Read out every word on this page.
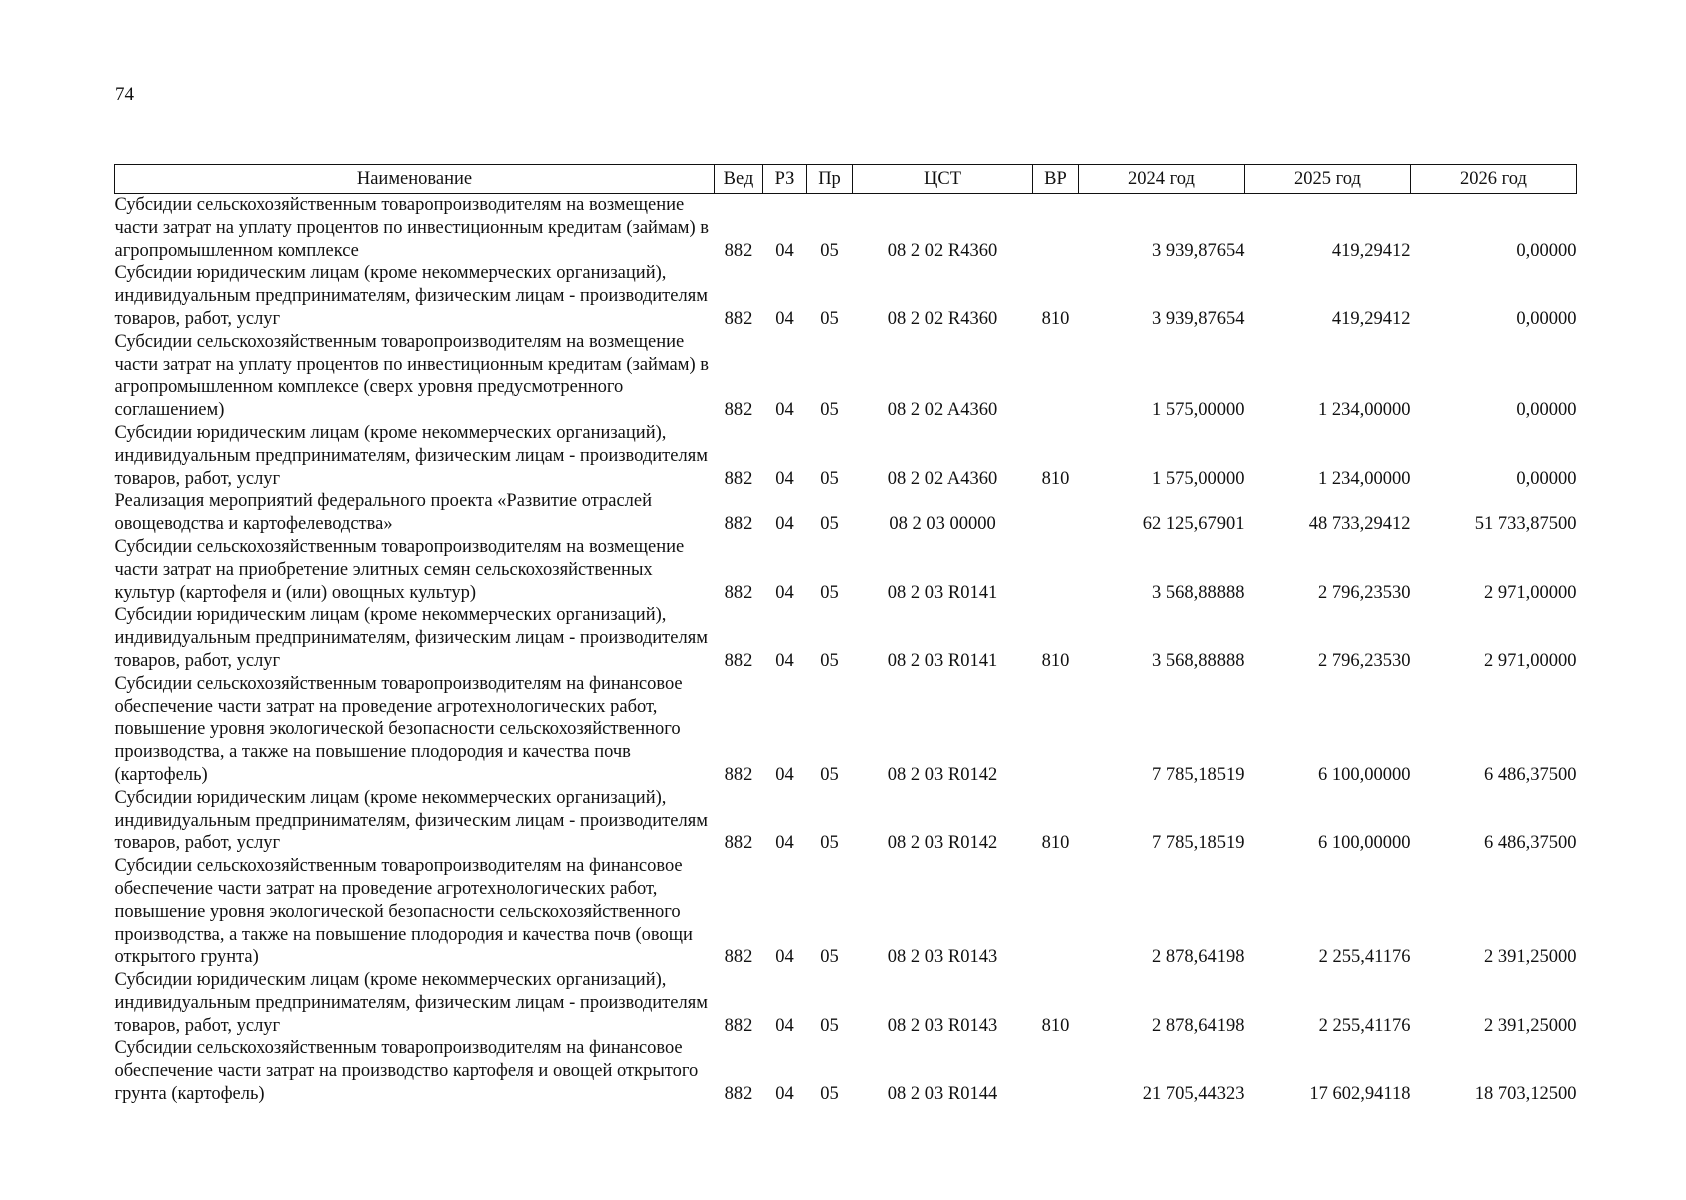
74
Наименование	Вед	РЗ	Пр	ЦСТ	ВР	2024 год	2025 год	2026 год
Субсидии сельскохозяйственным товаропроизводителям на возмещение части затрат на уплату процентов по инвестиционным кредитам (займам) в агропромышленном комплексе	882	04	05	08 2 02 R4360		3 939,87654	419,29412	0,00000
Субсидии юридическим лицам (кроме некоммерческих организаций), индивидуальным предпринимателям, физическим лицам - производителям товаров, работ, услуг	882	04	05	08 2 02 R4360	810	3 939,87654	419,29412	0,00000
Субсидии сельскохозяйственным товаропроизводителям на возмещение части затрат на уплату процентов по инвестиционным кредитам (займам) в агропромышленном комплексе (сверх уровня предусмотренного соглашением)	882	04	05	08 2 02 A4360		1 575,00000	1 234,00000	0,00000
Субсидии юридическим лицам (кроме некоммерческих организаций), индивидуальным предпринимателям, физическим лицам - производителям товаров, работ, услуг	882	04	05	08 2 02 A4360	810	1 575,00000	1 234,00000	0,00000
Реализация мероприятий федерального проекта «Развитие отраслей овощеводства и картофелеводства»	882	04	05	08 2 03 00000		62 125,67901	48 733,29412	51 733,87500
Субсидии сельскохозяйственным товаропроизводителям на возмещение части затрат на приобретение элитных семян сельскохозяйственных культур (картофеля и (или) овощных культур)	882	04	05	08 2 03 R0141		3 568,88888	2 796,23530	2 971,00000
Субсидии юридическим лицам (кроме некоммерческих организаций), индивидуальным предпринимателям, физическим лицам - производителям товаров, работ, услуг	882	04	05	08 2 03 R0141	810	3 568,88888	2 796,23530	2 971,00000
Субсидии сельскохозяйственным товаропроизводителям на финансовое обеспечение части затрат на проведение агротехнологических работ, повышение уровня экологической безопасности сельскохозяйственного производства, а также на повышение плодородия и качества почв (картофель)	882	04	05	08 2 03 R0142		7 785,18519	6 100,00000	6 486,37500
Субсидии юридическим лицам (кроме некоммерческих организаций), индивидуальным предпринимателям, физическим лицам - производителям товаров, работ, услуг	882	04	05	08 2 03 R0142	810	7 785,18519	6 100,00000	6 486,37500
Субсидии сельскохозяйственным товаропроизводителям на финансовое обеспечение части затрат на проведение агротехнологических работ, повышение уровня экологической безопасности сельскохозяйственного производства, а также на повышение плодородия и качества почв (овощи открытого грунта)	882	04	05	08 2 03 R0143		2 878,64198	2 255,41176	2 391,25000
Субсидии юридическим лицам (кроме некоммерческих организаций), индивидуальным предпринимателям, физическим лицам - производителям товаров, работ, услуг	882	04	05	08 2 03 R0143	810	2 878,64198	2 255,41176	2 391,25000
Субсидии сельскохозяйственным товаропроизводителям на финансовое обеспечение части затрат на производство картофеля и овощей открытого грунта (картофель)	882	04	05	08 2 03 R0144		21 705,44323	17 602,94118	18 703,12500
